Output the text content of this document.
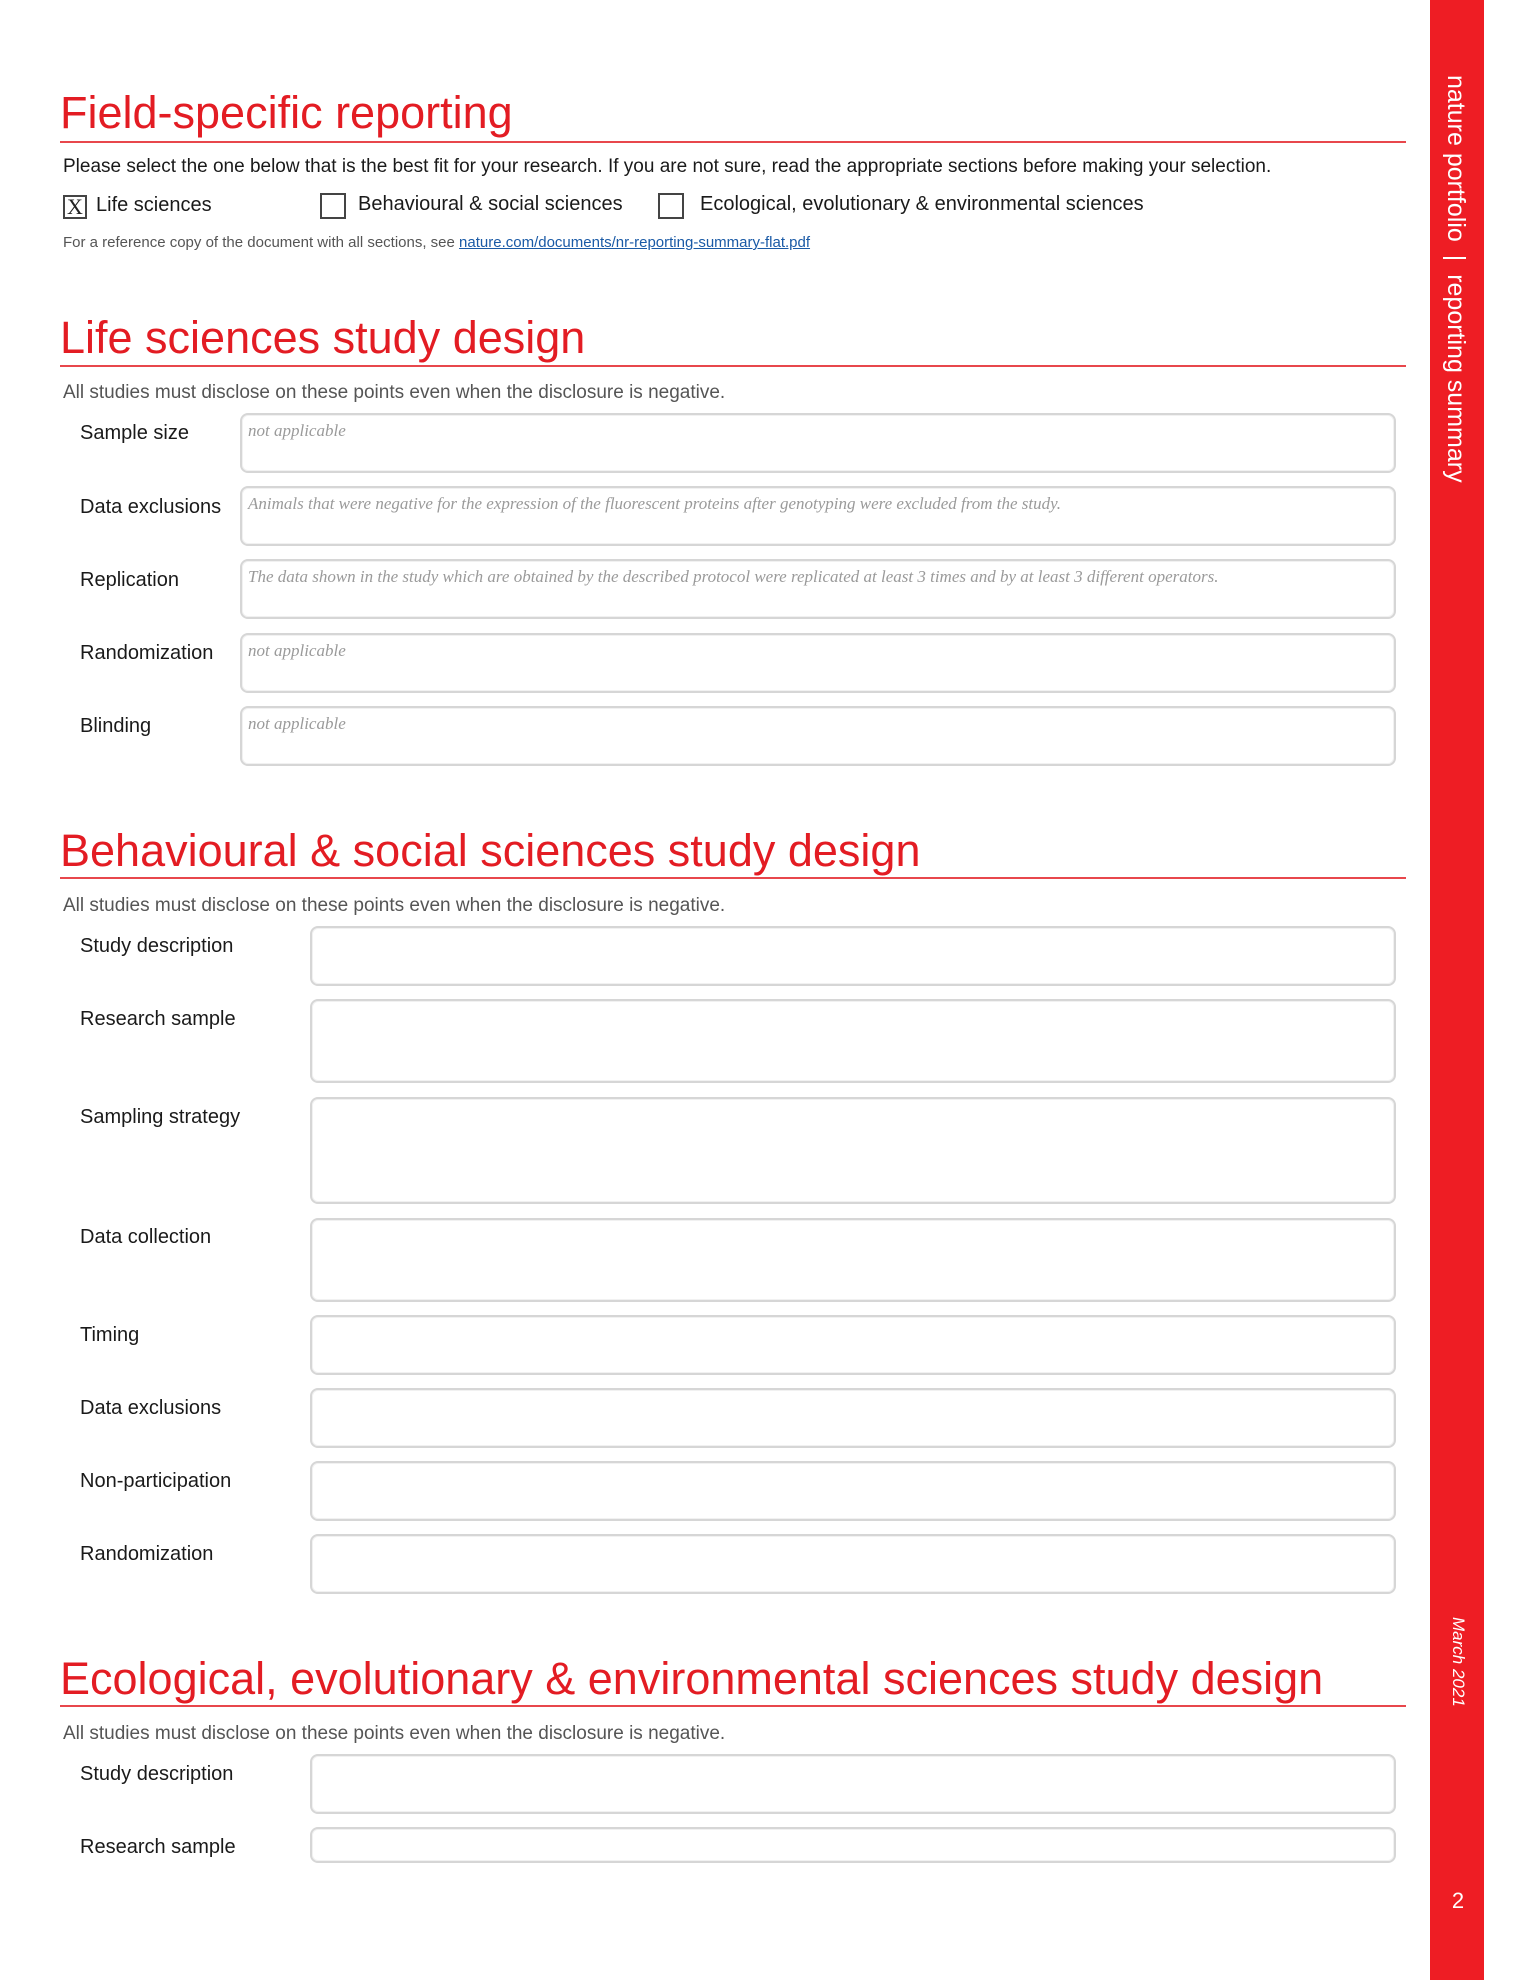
Field-specific reporting
Please select the one below that is the best fit for your research. If you are not sure, read the appropriate sections before making your selection.
X Life sciences	Behavioural & social sciences	Ecological, evolutionary & environmental sciences
For a reference copy of the document with all sections, see nature.com/documents/nr-reporting-summary-flat.pdf
Life sciences study design
All studies must disclose on these points even when the disclosure is negative.
Sample size	not applicable
Data exclusions Animals that were negative for the expression of the fluorescent proteins after genotyping were excluded from the study.
Replication	The data shown in the study which are obtained by the described protocol were replicated at least 3 times and by at least 3 different operators.
Randomization not applicable
Blinding	not applicable
Behavioural & social sciences study design
All studies must disclose on these points even when the disclosure is negative.
Study description
Research sample
Sampling strategy
Data collection
Timing
Data exclusions
Non-participation
Randomization
Ecological, evolutionary & environmental sciences study design
All studies must disclose on these points even when the disclosure is negative.
Study description
Research sample
nature portfolio | reporting summary
March 2021
2
